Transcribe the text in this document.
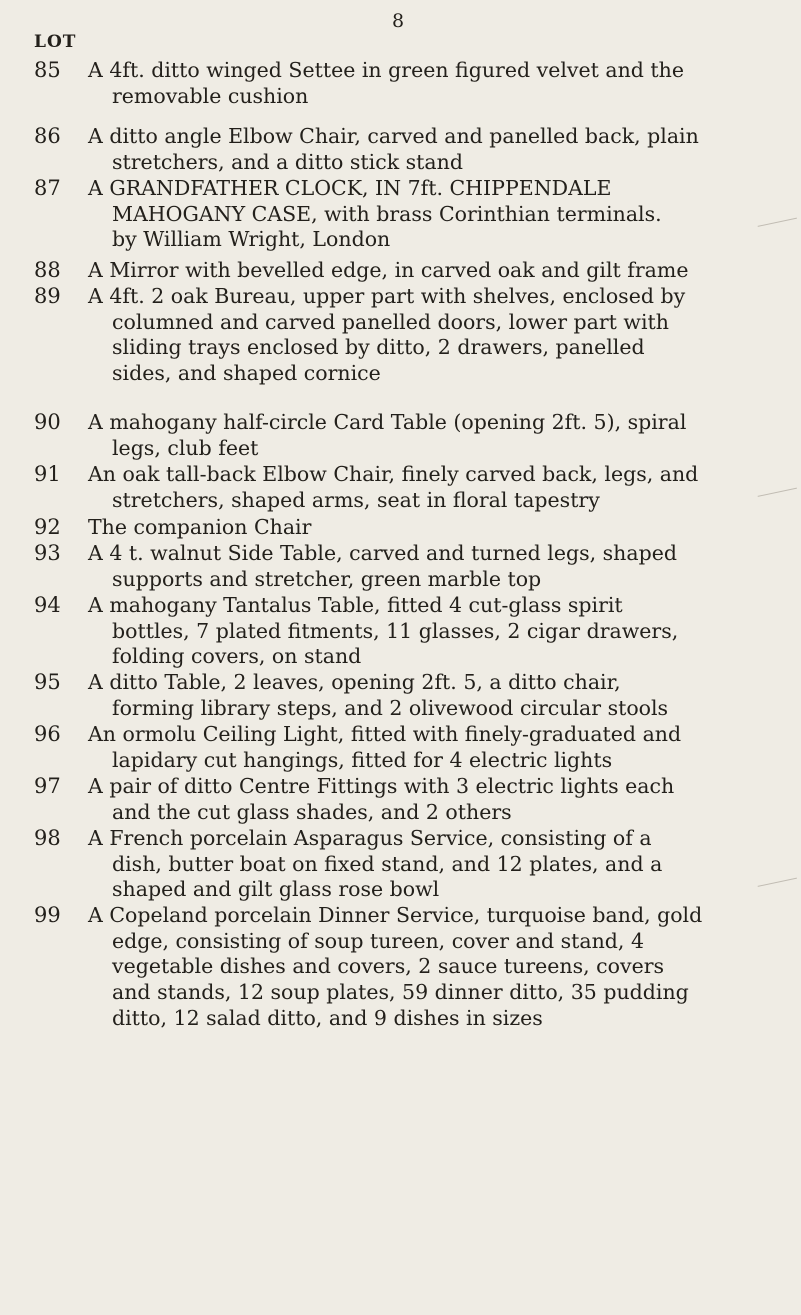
8
LOT
85 A 4ft. ditto winged Settee in green figured velvet and the
removable cushion

86 A ditto angle Elbow Chair, carved and panelled back, plain
stretchers, and a ditto stick stand

87 A GRANDFATHER CLOCK, IN 7ft. CHIPPENDALE
MAHOGANY CASE, with brass Corinthian terminals.
by William Wright, London

88 A Mirror with bevelled edge, in carved oak and gilt frame

89 A 4ft. 2 oak Bureau, upper part with shelves, enclosed by
columned and carved panelled doors, lower part with
sliding trays enclosed by ditto, 2 drawers, panelled
sides, and shaped cornice

90 A mahogany half-circle Card Table (opening 2ft. 5), spiral
legs, club feet

91 An oak tall-back Elbow Chair, finely carved back, legs, and
stretchers, shaped arms, seat in floral tapestry

92 The companion Chair

93 A 4 t. walnut Side Table, carved and turned legs, shaped
supports and stretcher, green marble top

94 A mahogany Tantalus Table, fitted 4 cut-glass spirit
bottles, 7 plated fitments, 11 glasses, 2 cigar drawers,
folding covers, on stand

95 A ditto Table, 2 leaves, opening 2ft. 5, a ditto chair,
forming library steps, and 2 olivewood circular stools

96 An ormolu Ceiling Light, fitted with finely-graduated and
lapidary cut hangings, fitted for 4 electric lights

97 A pair of ditto Centre Fittings with 3 electric lights each
and the cut glass shades, and 2 others

98 A French porcelain Asparagus Service, consisting of a
dish, butter boat on fixed stand, and 12 plates, and a
shaped and gilt glass rose bowl

99 A Copeland porcelain Dinner Service, turquoise band, gold
edge, consisting of soup tureen, cover and stand, 4
vegetable dishes and covers, 2 sauce tureens, covers
and stands, 12 soup plates, 59 dinner ditto, 35 pudding
ditto, 12 salad ditto, and 9 dishes in sizes
